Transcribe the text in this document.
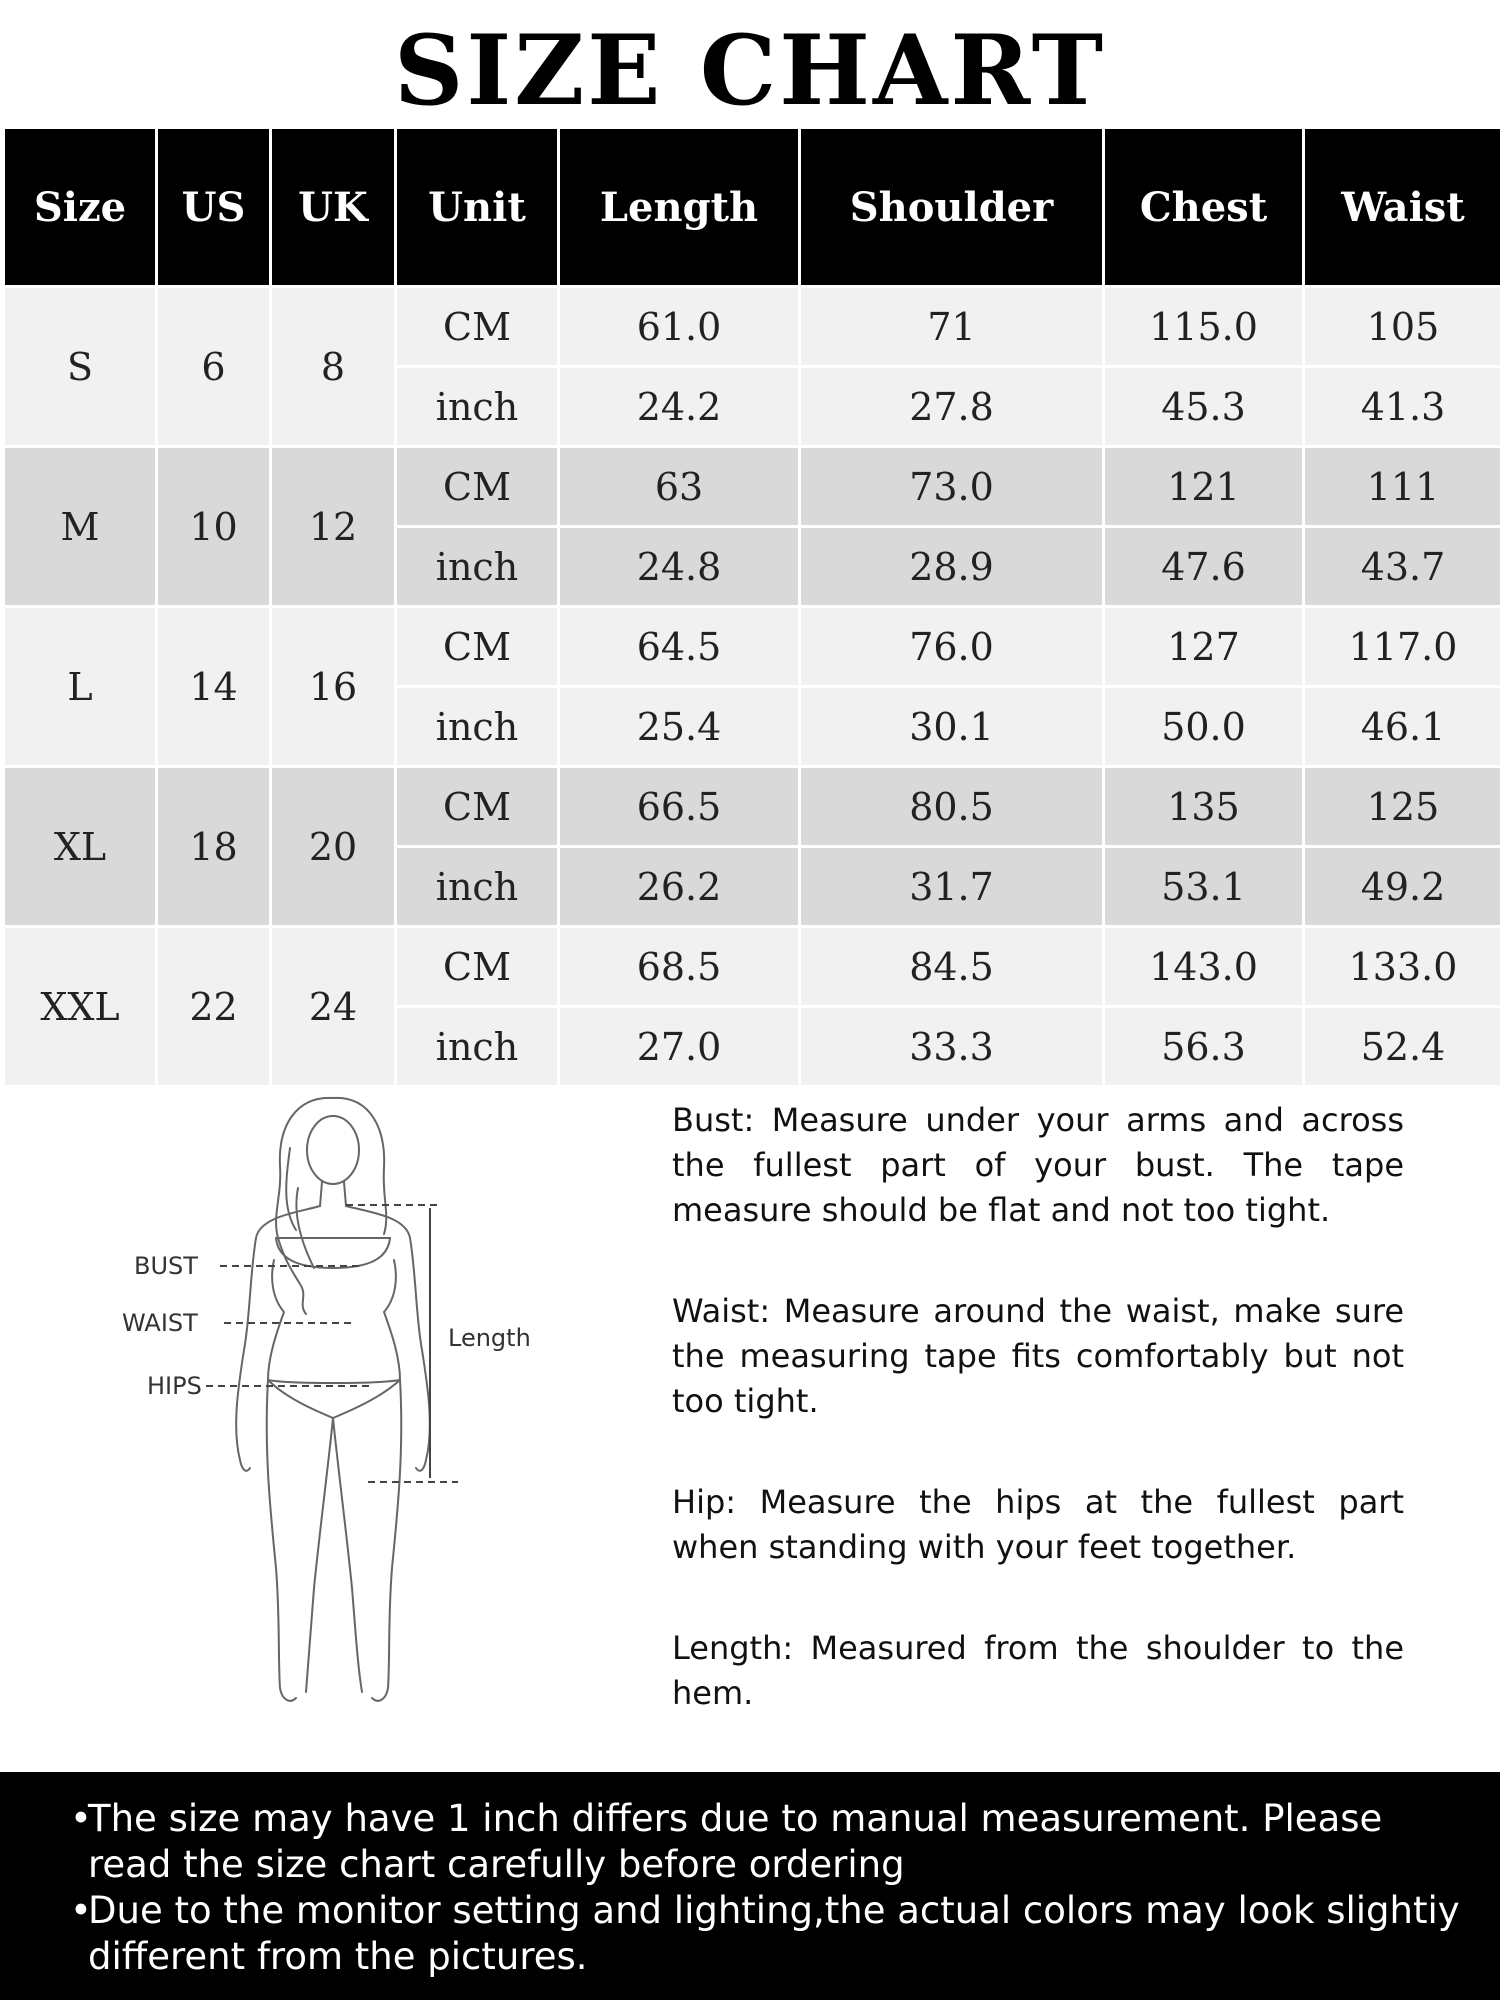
SIZE CHART
Size	US	UK	Unit	Length	Shoulder	Chest	Waist
S	6	8	CM	61.0	71	115.0	105
			inch	24.2	27.8	45.3	41.3
M	10	12	CM	63	73.0	121	111
			inch	24.8	28.9	47.6	43.7
L	14	16	CM	64.5	76.0	127	117.0
			inch	25.4	30.1	50.0	46.1
XL	18	20	CM	66.5	80.5	135	125
			inch	26.2	31.7	53.1	49.2
XXL	22	24	CM	68.5	84.5	143.0	133.0
			inch	27.0	33.3	56.3	52.4
BUST
WAIST
HIPS
Length

Bust: Measure under your arms and across the fullest part of your bust. The tape measure should be flat and not too tight.

Waist: Measure around the waist, make sure the measuring tape fits comfortably but not too tight.

Hip: Measure the hips at the fullest part when standing with your feet together.

Length: Measured from the shoulder to the hem.

•
The size may have 1 inch differs due to manual measurement. Please read the size chart carefully before ordering
•
Due to the monitor setting and lighting,the actual colors may look slightiy different from the pictures.
